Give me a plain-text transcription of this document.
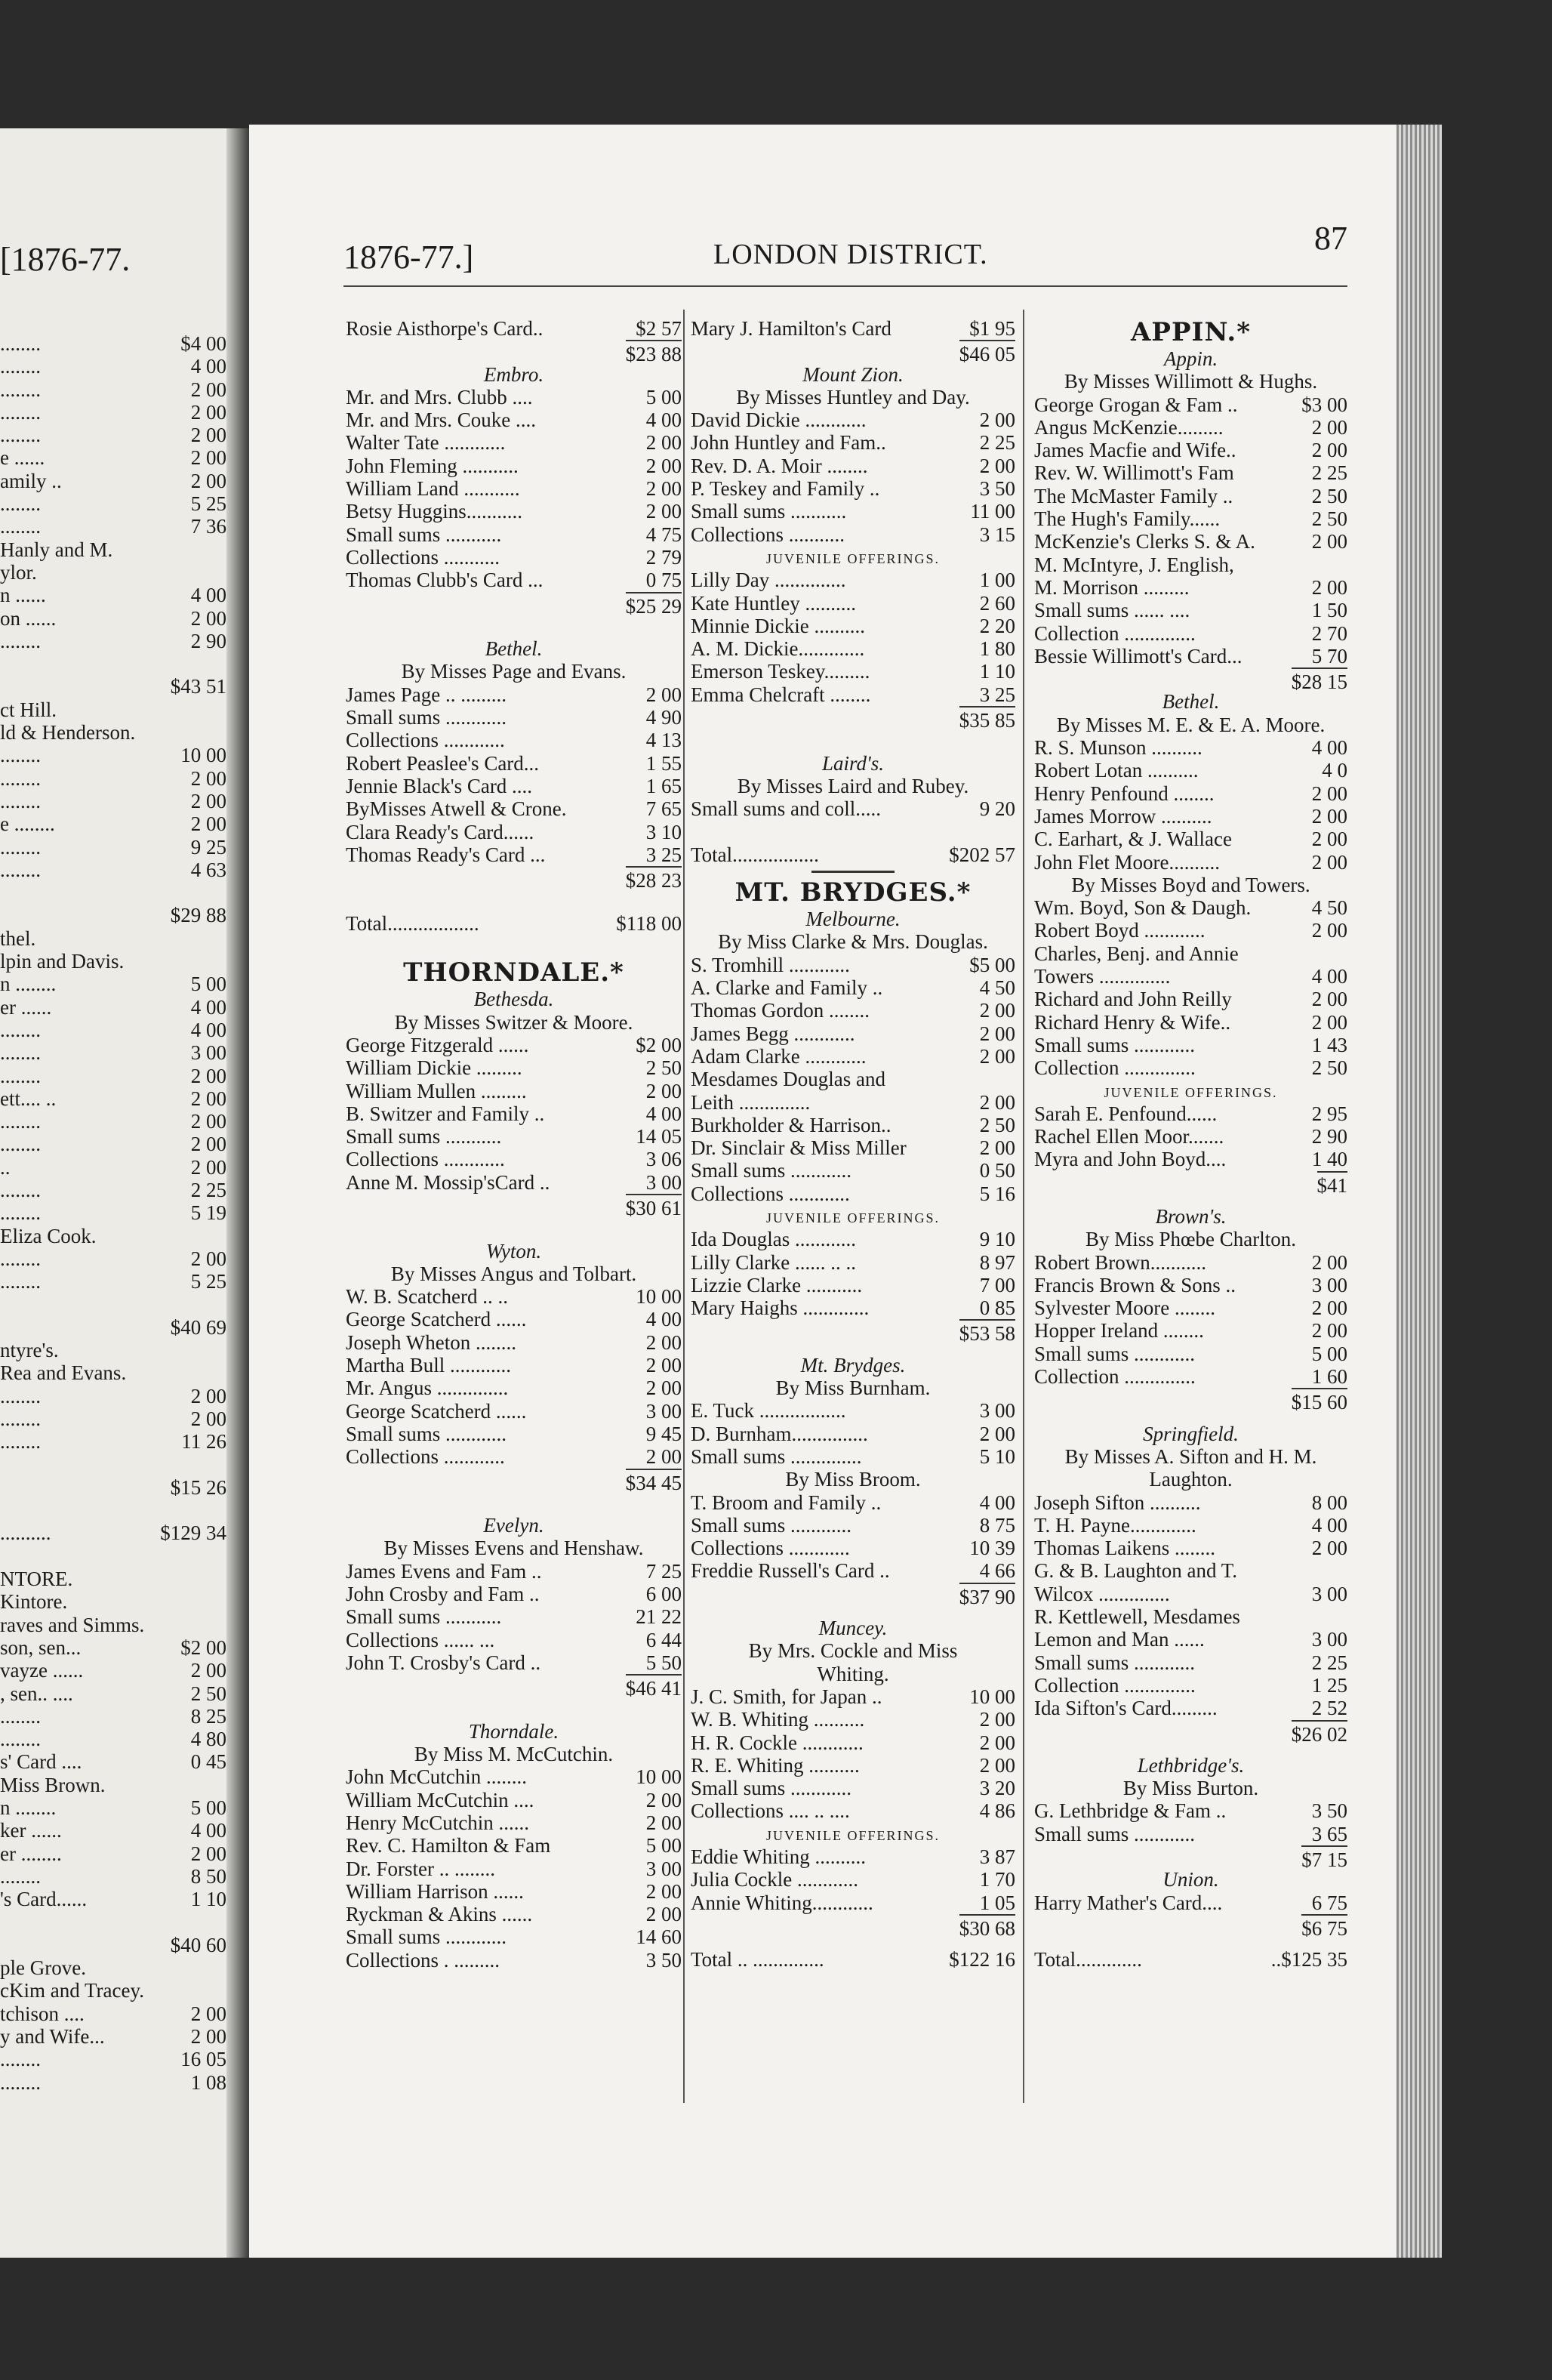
[1876-77.
........	$4 00
........	4 00
........	2 00
........	2 00
........	2 00
e ......	2 00
amily ..	2 00
........	5 25
........	7 36
Hanly and M.
ylor.
n ......	4 00
on ......	2 00
........	2 90
$43 51
ct Hill.
ld & Henderson.
........	10 00
........	2 00
........	2 00
e ........	2 00
........	9 25
........	4 63
$29 88
thel.
lpin and Davis.
n ........	5 00
er ......	4 00
........	4 00
........	3 00
........	2 00
ett.... ..	2 00
........	2 00
........	2 00
..	2 00
........	2 25
........	5 19
Eliza Cook.
........	2 00
........	5 25
$40 69
ntyre's.
Rea and Evans.
........	2 00
........	2 00
........	11 26
$15 26
..........	$129 34
NTORE.
Kintore.
raves and Simms.
son, sen...	$2 00
vayze ......	2 00
, sen.. ....	2 50
........	8 25
........	4 80
s' Card ....	0 45
Miss Brown.
n ........	5 00
ker ......	4 00
er ........	2 00
........	8 50
's Card......	1 10
$40 60
ple Grove.
cKim and Tracey.
tchison ....	2 00
y and Wife...	2 00
........	16 05
........	1 08
1876-77.]	LONDON DISTRICT.	87
Rosie Aisthorpe's Card..	$2 57
$23 88
Embro.
Mr. and Mrs. Clubb ....	5 00
Mr. and Mrs. Couke ....	4 00
Walter Tate ............	2 00
John Fleming ...........	2 00
William Land ...........	2 00
Betsy Huggins...........	2 00
Small sums ...........	4 75
Collections ...........	2 79
Thomas Clubb's Card ...	0 75
$25 29
Bethel.
By Misses Page and Evans.
James Page .. .........	2 00
Small sums ............	4 90
Collections ............	4 13
Robert Peaslee's Card...	1 55
Jennie Black's Card ....	1 65
ByMisses Atwell & Crone.	7 65
Clara Ready's Card......	3 10
Thomas Ready's Card ...	3 25
$28 23
Total..................	$118 00
THORNDALE.*
Bethesda.
By Misses Switzer & Moore.
George Fitzgerald ......	$2 00
William Dickie .........	2 50
William Mullen .........	2 00
B. Switzer and Family ..	4 00
Small sums ...........	14 05
Collections ............	3 06
Anne M. Mossip'sCard ..	3 00
$30 61
Wyton.
By Misses Angus and Tolbart.
W. B. Scatcherd .. ..	10 00
George Scatcherd ......	4 00
Joseph Wheton ........	2 00
Martha Bull ............	2 00
Mr. Angus ..............	2 00
George Scatcherd ......	3 00
Small sums ............	9 45
Collections ............	2 00
$34 45
Evelyn.
By Misses Evens and Henshaw.
James Evens and Fam ..	7 25
John Crosby and Fam ..	6 00
Small sums ...........	21 22
Collections ...... ...	6 44
John T. Crosby's Card ..	5 50
$46 41
Thorndale.
By Miss M. McCutchin.
John McCutchin ........	10 00
William McCutchin ....	2 00
Henry McCutchin ......	2 00
Rev. C. Hamilton & Fam	5 00
Dr. Forster .. ........	3 00
William Harrison ......	2 00
Ryckman & Akins ......	2 00
Small sums ............	14 60
Collections . .........	3 50
Mary J. Hamilton's Card	$1 95
$46 05
Mount Zion.
By Misses Huntley and Day.
David Dickie ............	2 00
John Huntley and Fam..	2 25
Rev. D. A. Moir ........	2 00
P. Teskey and Family ..	3 50
Small sums ...........	11 00
Collections ...........	3 15
JUVENILE OFFERINGS.
Lilly Day ..............	1 00
Kate Huntley ..........	2 60
Minnie Dickie ..........	2 20
A. M. Dickie.............	1 80
Emerson Teskey.........	1 10
Emma Chelcraft ........	3 25
$35 85
Laird's.
By Misses Laird and Rubey.
Small sums and coll.....	9 20
Total.................	$202 57
MT. BRYDGES.*
Melbourne.
By Miss Clarke & Mrs. Douglas.
S. Tromhill ............	$5 00
A. Clarke and Family ..	4 50
Thomas Gordon ........	2 00
James Begg ............	2 00
Adam Clarke ............	2 00
Mesdames Douglas and
Leith ..............	2 00
Burkholder & Harrison..	2 50
Dr. Sinclair & Miss Miller	2 00
Small sums ............	0 50
Collections ............	5 16
JUVENILE OFFERINGS.
Ida Douglas ............	9 10
Lilly Clarke ...... .. ..	8 97
Lizzie Clarke ...........	7 00
Mary Haighs .............	0 85
$53 58
Mt. Brydges.
By Miss Burnham.
E. Tuck .................	3 00
D. Burnham...............	2 00
Small sums ..............	5 10
By Miss Broom.
T. Broom and Family ..	4 00
Small sums ............	8 75
Collections ............	10 39
Freddie Russell's Card ..	4 66
$37 90
Muncey.
By Mrs. Cockle and Miss
Whiting.
J. C. Smith, for Japan ..	10 00
W. B. Whiting ..........	2 00
H. R. Cockle ............	2 00
R. E. Whiting ..........	2 00
Small sums ............	3 20
Collections .... .. ....	4 86
JUVENILE OFFERINGS.
Eddie Whiting ..........	3 87
Julia Cockle ............	1 70
Annie Whiting............	1 05
$30 68
Total .. ..............	$122 16
APPIN.*
Appin.
By Misses Willimott & Hughs.
George Grogan & Fam ..	$3 00
Angus McKenzie.........	2 00
James Macfie and Wife..	2 00
Rev. W. Willimott's Fam	2 25
The McMaster Family ..	2 50
The Hugh's Family......	2 50
McKenzie's Clerks S. & A.	2 00
M. McIntyre, J. English,
M. Morrison .........	2 00
Small sums ...... ....	1 50
Collection ..............	2 70
Bessie Willimott's Card...	5 70
$28 15
Bethel.
By Misses M. E. & E. A. Moore.
R. S. Munson ..........	4 00
Robert Lotan ..........	4 0
Henry Penfound ........	2 00
James Morrow ..........	2 00
C. Earhart, & J. Wallace	2 00
John Flet Moore..........	2 00
By Misses Boyd and Towers.
Wm. Boyd, Son & Daugh.	4 50
Robert Boyd ............	2 00
Charles, Benj. and Annie
Towers ..............	4 00
Richard and John Reilly	2 00
Richard Henry & Wife..	2 00
Small sums ............	1 43
Collection ..............	2 50
JUVENILE OFFERINGS.
Sarah E. Penfound......	2 95
Rachel Ellen Moor.......	2 90
Myra and John Boyd....	1 40
$41
Brown's.
By Miss Phœbe Charlton.
Robert Brown...........	2 00
Francis Brown & Sons ..	3 00
Sylvester Moore ........	2 00
Hopper Ireland ........	2 00
Small sums ............	5 00
Collection ..............	1 60
$15 60
Springfield.
By Misses A. Sifton and H. M.
Laughton.
Joseph Sifton ..........	8 00
T. H. Payne.............	4 00
Thomas Laikens ........	2 00
G. & B. Laughton and T.
Wilcox ..............	3 00
R. Kettlewell, Mesdames
Lemon and Man ......	3 00
Small sums ............	2 25
Collection ..............	1 25
Ida Sifton's Card.........	2 52
$26 02
Lethbridge's.
By Miss Burton.
G. Lethbridge & Fam ..	3 50
Small sums ............	3 65
$7 15
Union.
Harry Mather's Card....	6 75
$6 75
Total.............	..$125 35
